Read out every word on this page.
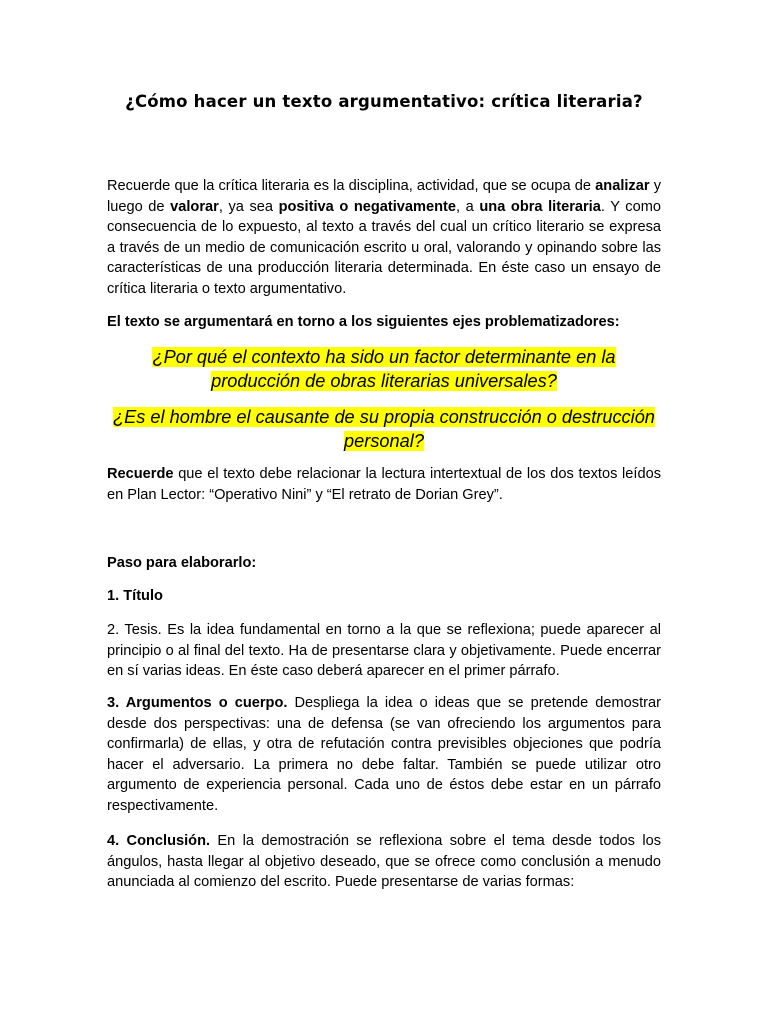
¿Cómo hacer un texto argumentativo: crítica literaria?

Recuerde que la crítica literaria es la disciplina, actividad, que se ocupa de analizar y luego de valorar, ya sea positiva o negativamente, a una obra literaria. Y como consecuencia de lo expuesto, al texto a través del cual un crítico literario se expresa a través de un medio de comunicación escrito u oral, valorando y opinando sobre las características de una producción literaria determinada. En éste caso un ensayo de crítica literaria o texto argumentativo.

El texto se argumentará en torno a los siguientes ejes problematizadores:

¿Por qué el contexto ha sido un factor determinante en la producción de obras literarias universales?

¿Es el hombre el causante de su propia construcción o destrucción personal?

Recuerde que el texto debe relacionar la lectura intertextual de los dos textos leídos en Plan Lector: “Operativo Nini” y “El retrato de Dorian Grey”.

Paso para elaborarlo:

1. Título

2. Tesis. Es la idea fundamental en torno a la que se reflexiona; puede aparecer al principio o al final del texto. Ha de presentarse clara y objetivamente. Puede encerrar en sí varias ideas. En éste caso deberá aparecer en el primer párrafo.

3. Argumentos o cuerpo. Despliega la idea o ideas que se pretende demostrar desde dos perspectivas: una de defensa (se van ofreciendo los argumentos para confirmarla) de ellas, y otra de refutación contra previsibles objeciones que podría hacer el adversario. La primera no debe faltar. También se puede utilizar otro argumento de experiencia personal. Cada uno de éstos debe estar en un párrafo respectivamente.

4. Conclusión. En la demostración se reflexiona sobre el tema desde todos los ángulos, hasta llegar al objetivo deseado, que se ofrece como conclusión a menudo anunciada al comienzo del escrito. Puede presentarse de varias formas:
